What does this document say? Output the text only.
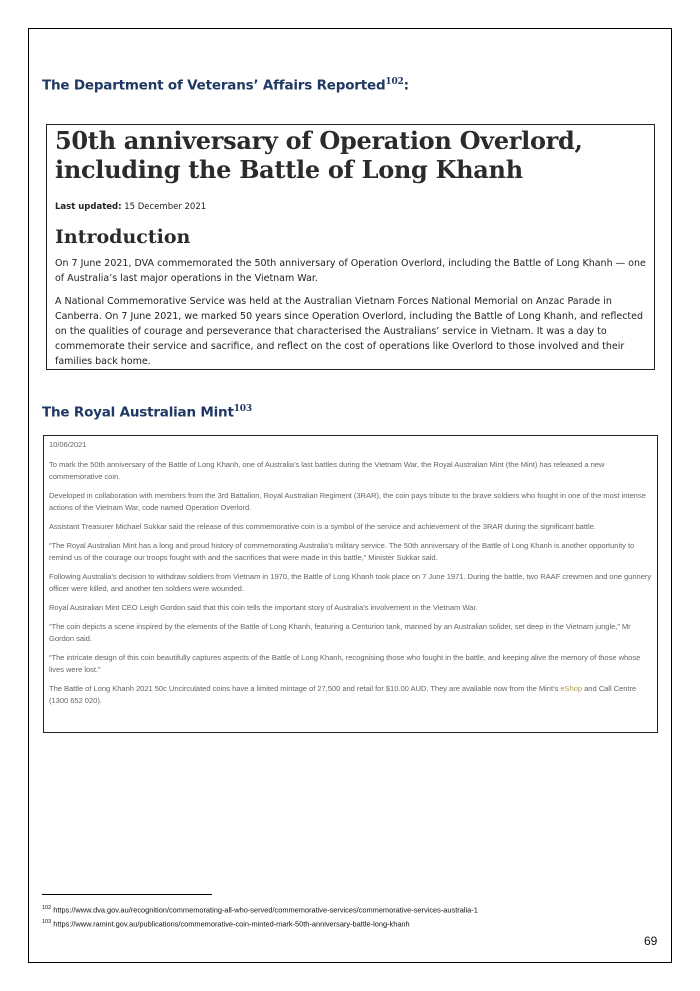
The Department of Veterans’ Affairs Reported$^{102}$:
50th anniversary of Operation Overlord, including the Battle of Long Khanh
Last updated: 15 December 2021
Introduction
On 7 June 2021, DVA commemorated the 50th anniversary of Operation Overlord, including the Battle of Long Khanh — one of Australia’s last major operations in the Vietnam War.
A National Commemorative Service was held at the Australian Vietnam Forces National Memorial on Anzac Parade in Canberra. On 7 June 2021, we marked 50 years since Operation Overlord, including the Battle of Long Khanh, and reflected on the qualities of courage and perseverance that characterised the Australians’ service in Vietnam. It was a day to commemorate their service and sacrifice, and reflect on the cost of operations like Overlord to those involved and their families back home.
The Royal Australian Mint$^{103}$
10/06/2021
To mark the 50th anniversary of the Battle of Long Khanh, one of Australia’s last battles during the Vietnam War, the Royal Australian Mint (the Mint) has released a new commemorative coin.
Developed in collaboration with members from the 3rd Battalion, Royal Australian Regiment (3RAR), the coin pays tribute to the brave soldiers who fought in one of the most intense actions of the Vietnam War, code named Operation Overlord.
Assistant Treasurer Michael Sukkar said the release of this commemorative coin is a symbol of the service and achievement of the 3RAR during the significant battle.
“The Royal Australian Mint has a long and proud history of commemorating Australia’s military service. The 50th anniversary of the Battle of Long Khanh is another opportunity to remind us of the courage our troops fought with and the sacrifices that were made in this battle,” Minister Sukkar said.
Following Australia’s decision to withdraw soldiers from Vietnam in 1970, the Battle of Long Khanh took place on 7 June 1971. During the battle, two RAAF crewmen and one gunnery officer were killed, and another ten soldiers were wounded.
Royal Australian Mint CEO Leigh Gordon said that this coin tells the important story of Australia’s involvement in the Vietnam War.
“The coin depicts a scene inspired by the elements of the Battle of Long Khanh, featuring a Centurion tank, manned by an Australian solider, set deep in the Vietnam jungle,” Mr Gordon said.
“The intricate design of this coin beautifully captures aspects of the Battle of Long Khanh, recognising those who fought in the battle, and keeping alive the memory of those whose lives were lost.”
The Battle of Long Khanh 2021 50c Uncirculated coins have a limited mintage of 27,500 and retail for $10.00 AUD. They are available now from the Mint’s eShop and Call Centre (1300 652 020).
$^{102}$ https://www.dva.gov.au/recognition/commemorating-all-who-served/commemorative-services/commemorative-services-australia-1
$^{103}$ https://www.ramint.gov.au/publications/commemorative-coin-minted-mark-50th-anniversary-battle-long-khanh
69
